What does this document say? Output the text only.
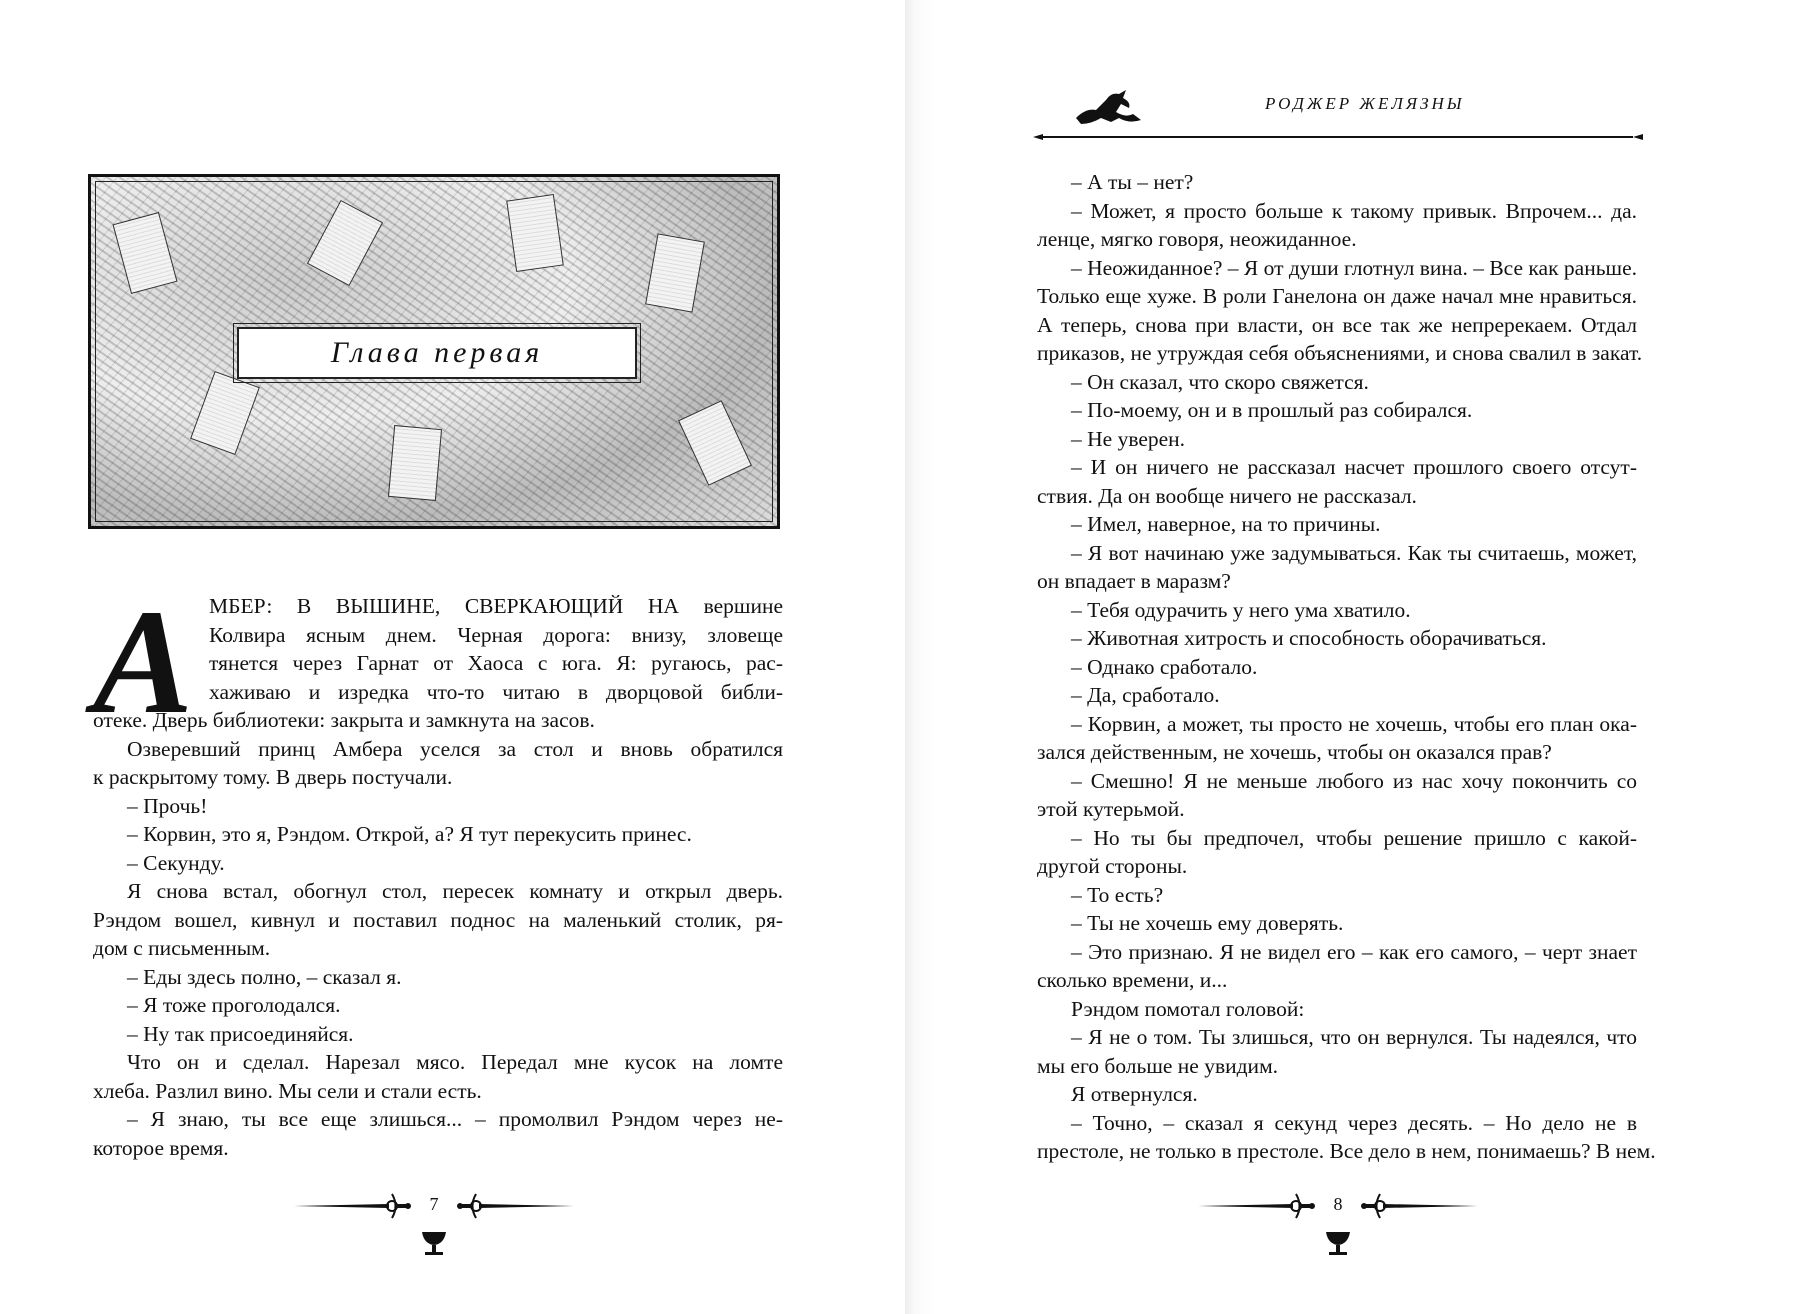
Глава первая
А МБЕР: В ВЫШИНЕ, СВЕРКАЮЩИЙ НА вершине
Колвира ясным днем. Черная дорога: внизу, зловеще
тянется через Гарнат от Хаоса с юга. Я: ругаюсь, рас-
хаживаю и изредка что-то читаю в дворцовой библи-
отеке. Дверь библиотеки: закрыта и замкнута на засов.
Озверевший принц Амбера уселся за стол и вновь обратился
к раскрытому тому. В дверь постучали.
– Прочь!
– Корвин, это я, Рэндом. Открой, а? Я тут перекусить принес.
– Секунду.
Я снова встал, обогнул стол, пересек комнату и открыл дверь.
Рэндом вошел, кивнул и поставил поднос на маленький столик, ря-
дом с письменным.
– Еды здесь полно, – сказал я.
– Я тоже проголодался.
– Ну так присоединяйся.
Что он и сделал. Нарезал мясо. Передал мне кусок на ломте
хлеба. Разлил вино. Мы сели и стали есть.
– Я знаю, ты все еще злишься... – промолвил Рэндом через не-
которое время.
7
РОДЖЕР ЖЕЛЯЗНЫ
– А ты – нет?
– Может, я просто больше к такому привык. Впрочем... да.
ленце, мягко говоря, неожиданное.
– Неожиданное? – Я от души глотнул вина. – Все как раньше.
Только еще хуже. В роли Ганелона он даже начал мне нравиться.
А теперь, снова при власти, он все так же непререкаем. Отдал
приказов, не утруждая себя объяснениями, и снова свалил в закат.
– Он сказал, что скоро свяжется.
– По-моему, он и в прошлый раз собирался.
– Не уверен.
– И он ничего не рассказал насчет прошлого своего отсут-
ствия. Да он вообще ничего не рассказал.
– Имел, наверное, на то причины.
– Я вот начинаю уже задумываться. Как ты считаешь, может,
он впадает в маразм?
– Тебя одурачить у него ума хватило.
– Животная хитрость и способность оборачиваться.
– Однако сработало.
– Да, сработало.
– Корвин, а может, ты просто не хочешь, чтобы его план ока-
зался действенным, не хочешь, чтобы он оказался прав?
– Смешно! Я не меньше любого из нас хочу покончить со
этой кутерьмой.
– Но ты бы предпочел, чтобы решение пришло с какой-
другой стороны.
– То есть?
– Ты не хочешь ему доверять.
– Это признаю. Я не видел его – как его самого, – черт знает
сколько времени, и...
Рэндом помотал головой:
– Я не о том. Ты злишься, что он вернулся. Ты надеялся, что
мы его больше не увидим.
Я отвернулся.
– Точно, – сказал я секунд через десять. – Но дело не в
престоле, не только в престоле. Все дело в нем, понимаешь? В нем.
8
